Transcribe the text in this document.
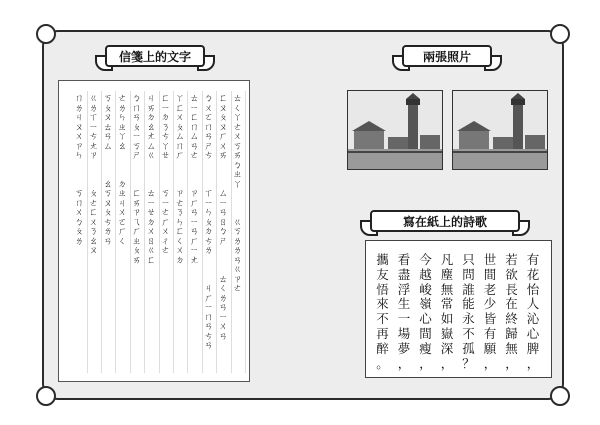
信箋上的文字
ㄊ
ㄑ
ㄚ
ㄜ
ㄨ
ㄎ
ㄞ
ㄅ
ㄓ
ㄚ

ㄍ
ㄎ
ㄌ
ㄌ
ㄢ
ㄍ
ㄗ
ㄜ
ㄈ
ㄡ
ㄆ
ㄡ
ㄏ
ㄨ
ㄞ

ㄙ
ㄧ
ㄢ
ㄖ
ㄅ
ㄕ

ㄊ
ㄑ
ㄌ
ㄢ
ㄧ
ㄨ
ㄢ
ㄅ
ㄨ
ㄛ
ㄇ
ㄢ
ㄕ
ㄘ

ㄒ
ㄧ
ㄣ
ㄆ
ㄉ
ㄘ
ㄌ

ㄐ
ㄏ
ㄧ
ㄇ
ㄢ
ㄘ
ㄢ
ㄊ
ㄧ
ㄈ
ㄇ
ㄙ
ㄢ
ㄜ

ㄗ
ㄏ
ㄢ
ㄧ
ㄢ
ㄏ
ㄧ
ㄤ
ㄚ
ㄈ
ㄨ
ㄆ
ㄙ
ㄇ
ㄏ

ㄗ
ㄜ
ㄋ
ㄣ
ㄈ
ㄑ
ㄨ
ㄉ
ㄈ
ㄧ
ㄉ
ㄋ
ㄘ
ㄚ
ㄝ

ㄎ
ㄧ
ㄜ
ㄏ
ㄨ
ㄔ
ㄜ
ㄐ
ㄞ
ㄉ
ㄠ
ㄤ
ㄙ
ㄍ

ㄊ
ㄧ
ㄝ
ㄉ
ㄨ
ㄖ
ㄍ
ㄈ
ㄅ
ㄇ
ㄢ
ㄆ
ㄧ
ㄎ
ㄕ

ㄈ
ㄞ
ㄗ
ㄟ
ㄏ
ㄓ
ㄆ
ㄞ
ㄜ
ㄌ
ㄣ
ㄓ
ㄚ
ㄠ

ㄉ
ㄓ
ㄐ
ㄨ
ㄛ
ㄏ
ㄑ
ㄎ
ㄆ
ㄡ
ㄊ
ㄢ
ㄙ

ㄠ
ㄎ
ㄡ
ㄆ
ㄘ
ㄌ
ㄢ
ㄍ
ㄌ
ㄒ
ㄧ
ㄘ
ㄤ
ㄗ

ㄆ
ㄜ
ㄈ
ㄨ
ㄋ
ㄠ
ㄡ
ㄇ
ㄌ
ㄐ
ㄡ
ㄨ
ㄗ
ㄣ

ㄎ
ㄇ
ㄨ
ㄅ
ㄆ
ㄌ
兩張照片
寫在紙上的詩歌
有
花
怡
人
沁
心
脾
，
若
欲
長
在
終
歸
無
，
世
間
老
少
皆
有
願
，
只
問
誰
能
永
不
孤
？
凡
塵
無
常
如
嶽
深
，
今
越
峻
嶺
心
間
瘦
，
看
盡
浮
生
一
場
夢
，
攜
友
悟
來
不
再
醉
。
